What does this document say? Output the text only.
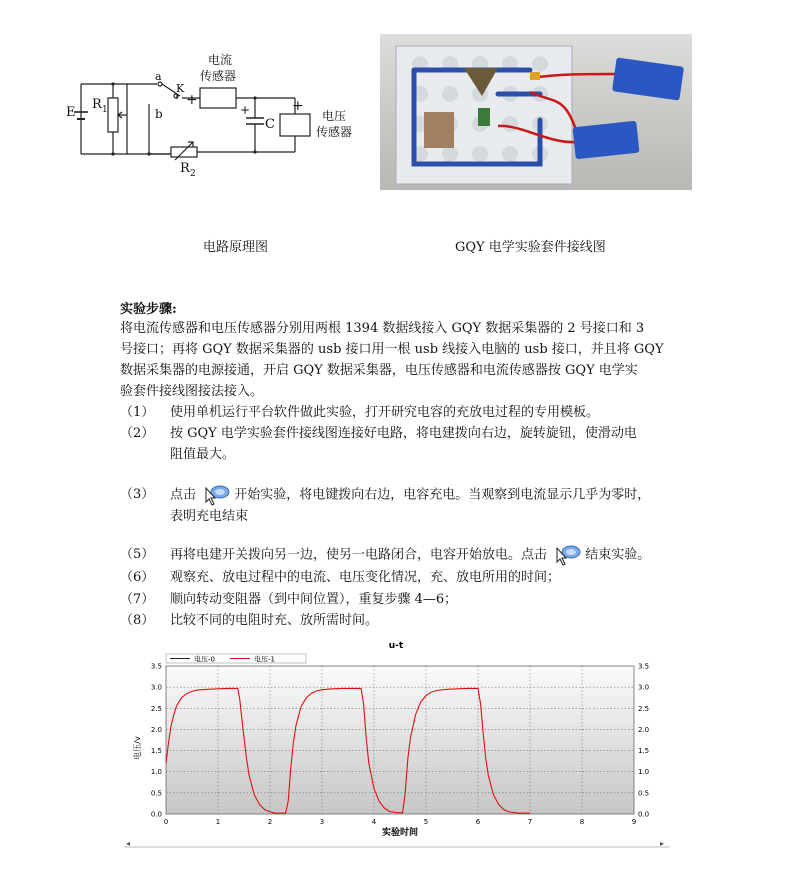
E
R 1
a
K
b
R 2
C
+
+	+
电流
传感器
电压
传感器
电路原理图	GQY 电学实验套件接线图
实验步骤:
将电流传感器和电压传感器分别用两根 1394 数据线接入 GQY 数据采集器的 2 号接口和 3
号接口；再将 GQY 数据采集器的 usb 接口用一根 usb 线接入电脑的 usb 接口，并且将 GQY
数据采集器的电源接通，开启 GQY 数据采集器，电压传感器和电流传感器按 GQY 电学实
验套件接线图接法接入。
（1） 使用单机运行平台软件做此实验，打开研究电容的充放电过程的专用模板。
（2） 按 GQY 电学实验套件接线图连接好电路，将电建拨向右边，旋转旋钮，使滑动电
阻值最大。
（3） 点击	开始实验，将电键拨向右边，电容充电。当观察到电流显示几乎为零时，
表明充电结束
（5） 再将电建开关拨向另一边，使另一电路闭合，电容开始放电。点击	结束实验。
（6） 观察充、放电过程中的电流、电压变化情况，充、放电所用的时间；
（7） 顺向转动变阻器（到中间位置），重复步骤 4—6；
（8） 比较不同的电阻时充、放所需时间。
u-t
电压-0	电压-1
0	1	2	3	4	5	6	7	8	9
0.0	0.0
0.5	0.5
1.0	1.0
1.5	1.5
2.0	2.0
2.5	2.5
3.0	3.0
3.5	3.5
电压/v
实验时间
◂	▸
